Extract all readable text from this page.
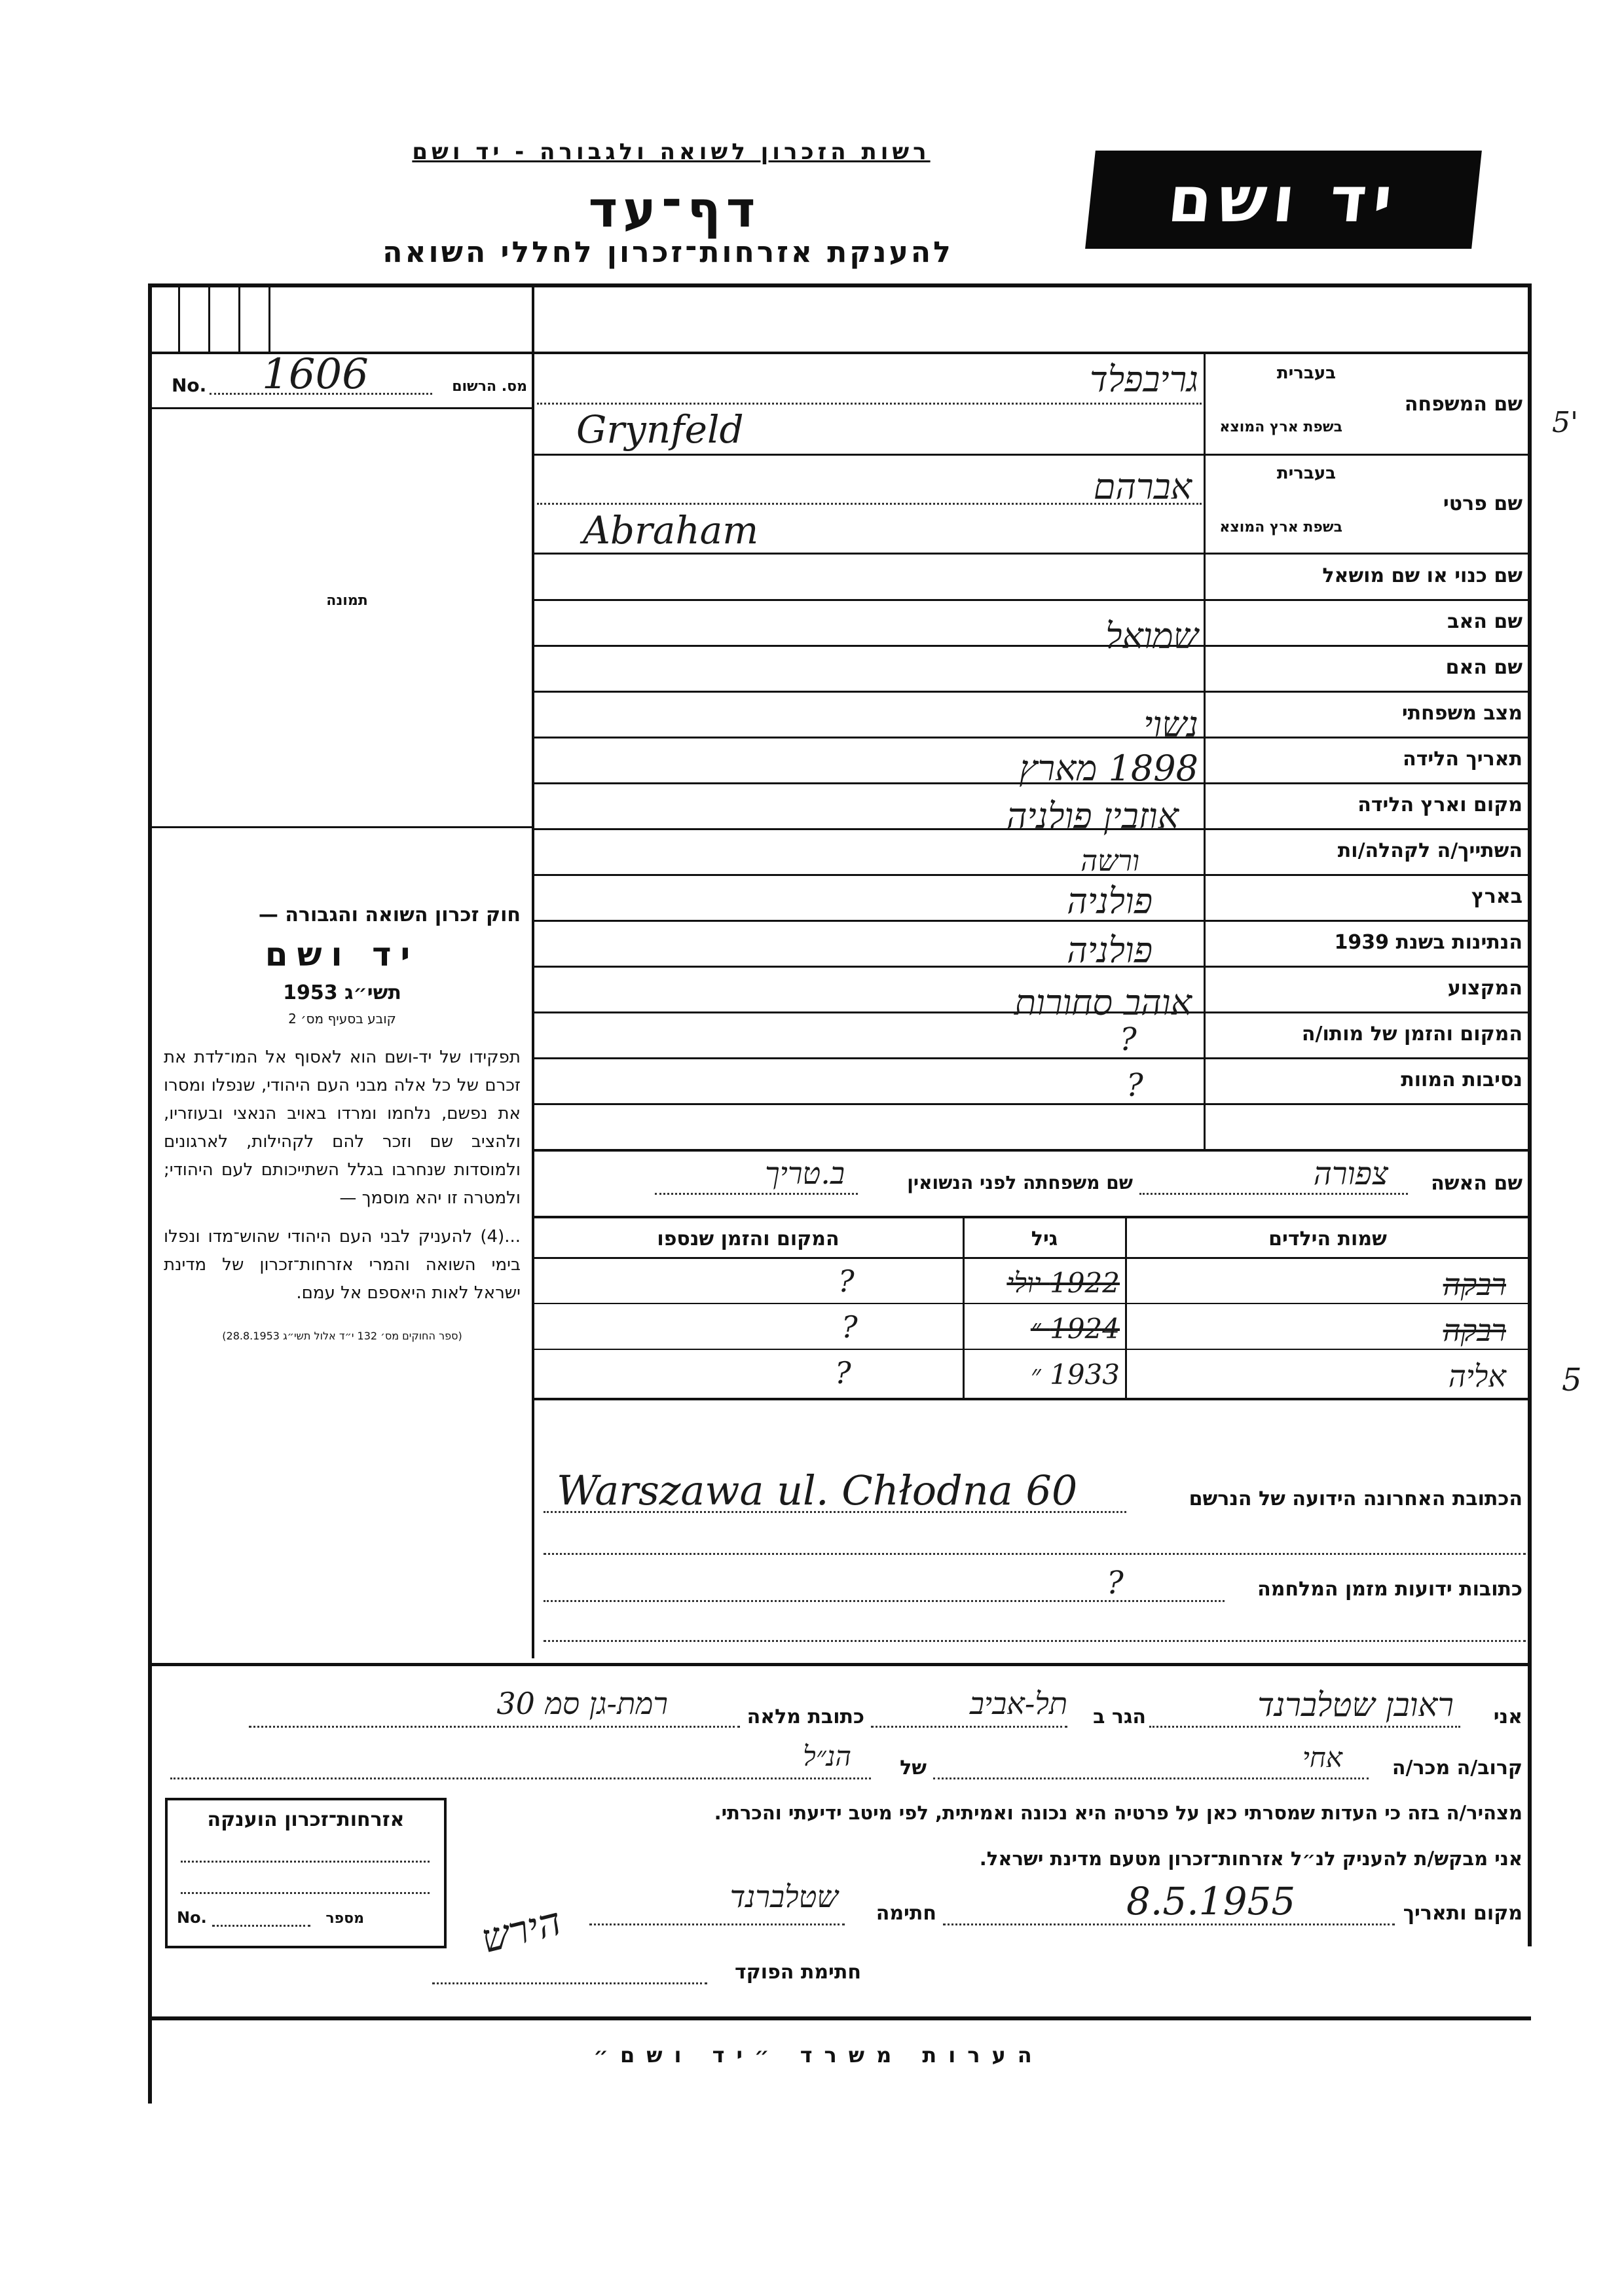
רשות הזכרון לשואה ולגבורה - יד ושם
דף־עד
להענקת אזרחות־זכרון לחללי השואה
יד ושם
No. 1606	מס. הרשום
תמונה
חוק זכרון השואה והגבורה —
יד ושם
תשי״ג 1953
קובע בסעיף מס׳ 2
תפקידו של יד-ושם הוא לאסוף אל המו־לדת את זכרם של כל אלה מבני העם היהודי, שנפלו ומסרו את נפשם, נלחמו ומרדו באויב הנאצי ובעוזריו, ולהציב שם וזכר להם לקהילות, לארגונים ולמוסדות שנחרבו בגלל השתייכותם לעם היהודי; ולמטרה זו יהא מוסמך —
...(4) להעניק לבני העם היהודי שהוש־מדו ונפלו בימי השואה והמרי אזרחות־זכרון של מדינת ישראל לאות היאספם אל עמם.
(ספר החוקים מס׳ 132 י״ד אלול תשי״ג 28.8.1953)
שם המשפחה
בעברית
בשפת ארץ המוצא
גריבפלד
Grynfeld
שם פרטי
בעברית
בשפת ארץ המוצא
אברהם
Abraham
שם כנוי או שם מושאל
שם האב
שמואל
שם האם
מצב משפחתי
נשוי
תאריך הלידה
1898 מארץ
מקום וארץ הלידה
אוזבין פולניה
השתייך/ה לקהלה/ות
ורשה
בארץ
פולניה
הנתינות בשנת 1939
פולניה
המקצוע
אוהב סחורות
המקום והזמן של מותו/ה
?
נסיבות המוות
?
שם האשה
צפורה
שם משפחתה לפני הנשואין
ב.טריך
שמות הילדים
גיל
המקום והזמן שנספו
רבקה
1922 יולי
?
רבקה
1924 ״
?
אליה
1933 ״
?
הכתובת האחרונה הידועה של הנרשם
Warszawa ul. Chłodna 60
כתובות ידועות מזמן המלחמה
?
אני
ראובן שטלברנד
הגר ב
תל-אביב
כתובת מלאה
רמת-גן סמ 30
קרוב/ה מכר/ה
אחי
של
הנ״ל
מצהיר/ה בזה כי העדות שמסרתי כאן על פרטיה היא נכונה ואמיתית, לפי מיטב ידיעתי והכרתי.
אני מבקש/ת להעניק לנ״ל אזרחות־זכרון מטעם מדינת ישראל.
מקום ותאריך
8.5.1955
חתימה
שטלברנד
חתימת הפוקד
הירש
אזרחות־זכרון הוענקה
No.	מספר
הערות משרד ״יד ושם״
5'
5
